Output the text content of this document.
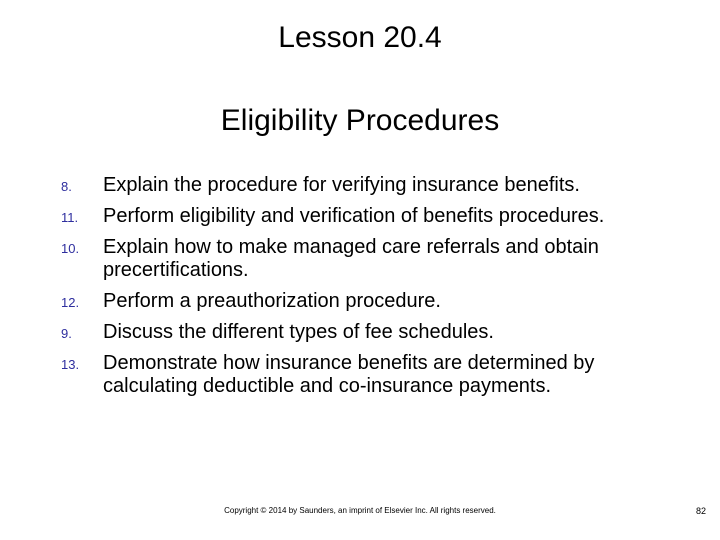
Lesson 20.4
Eligibility Procedures
8. Explain the procedure for verifying insurance benefits.
11. Perform eligibility and verification of benefits procedures.
10. Explain how to make managed care referrals and obtain precertifications.
12. Perform a preauthorization procedure.
9. Discuss the different types of fee schedules.
13. Demonstrate how insurance benefits are determined by calculating deductible and co-insurance payments.
Copyright © 2014 by Saunders, an imprint of Elsevier Inc. All rights reserved.	82
